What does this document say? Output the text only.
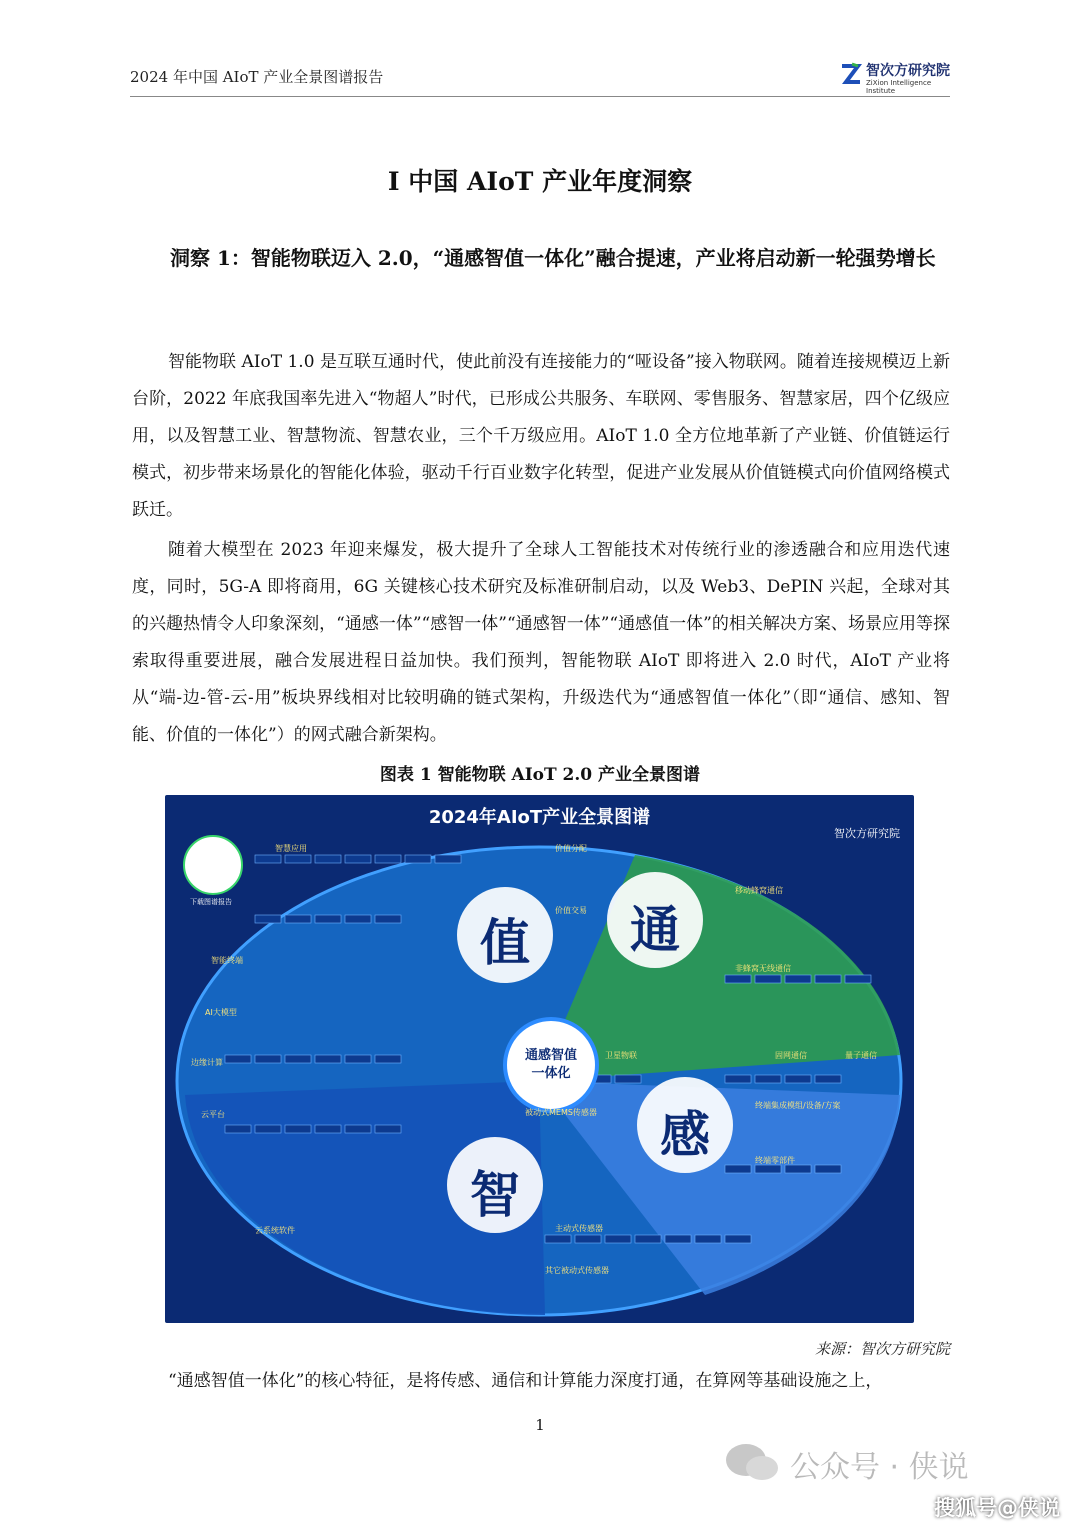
2024 年中国 AIoT 产业全景图谱报告	智次方研究院
ZiXion Intelligence Institute
I 中国 AIoT 产业年度洞察
洞察 1：智能物联迈入 2.0，“通感智值一体化”融合提速，产业将启动新一轮强势增长
智能物联 AIoT 1.0 是互联互通时代，使此前没有连接能力的“哑设备”接入物联网。随着连接规模迈上新台阶，2022 年底我国率先进入“物超人”时代，已形成公共服务、车联网、零售服务、智慧家居，四个亿级应用，以及智慧工业、智慧物流、智慧农业，三个千万级应用。AIoT 1.0 全方位地革新了产业链、价值链运行模式，初步带来场景化的智能化体验，驱动千行百业数字化转型，促进产业发展从价值链模式向价值网络模式跃迁。
随着大模型在 2023 年迎来爆发，极大提升了全球人工智能技术对传统行业的渗透融合和应用迭代速度，同时，5G-A 即将商用，6G 关键核心技术研究及标准研制启动，以及 Web3、DePIN 兴起，全球对其的兴趣热情令人印象深刻，“通感一体”“感智一体”“通感智一体”“通感值一体”的相关解决方案、场景应用等探索取得重要进展，融合发展进程日益加快。我们预判，智能物联 AIoT 即将进入 2.0 时代，AIoT 产业将从“端-边-管-云-用”板块界线相对比较明确的链式架构，升级迭代为“通感智值一体化”（即“通信、感知、智能、价值的一体化”）的网式融合新架构。
图表 1 智能物联 AIoT 2.0 产业全景图谱
2024年AIoT产业全景图谱
智次方研究院
下载图谱报告
值 通
感
智
通感智值
一体化
智慧应用	价值分配
价值交易
移动蜂窝通信
非蜂窝无线通信
卫星物联	固网通信	量子通信
被动式MEMS传感器
主动式传感器
其它被动式传感器
终端集成模组/设备/方案
终端零部件
AI大模型
智能终端
边缘计算
云平台
云系统软件
来源：智次方研究院
“通感智值一体化”的核心特征，是将传感、通信和计算能力深度打通，在算网等基础设施之上，
1
公众号 · 侠说
搜狐号@侠说
